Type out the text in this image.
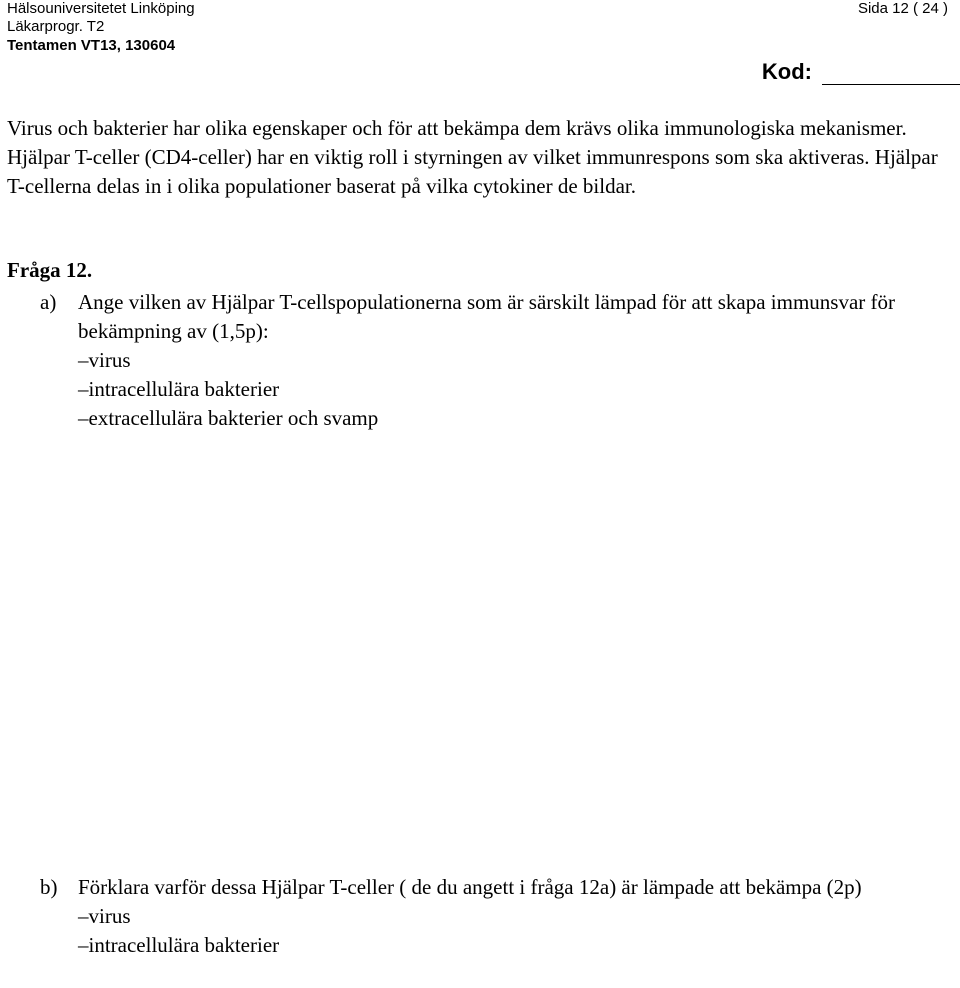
Hälsouniversitetet Linköping
Läkarprogr. T2
Tentamen VT13, 130604
Sida 12 ( 24 )
Kod:
Virus och bakterier har olika egenskaper och för att bekämpa dem krävs olika immunologiska mekanismer. Hjälpar T-celler (CD4-celler) har en viktig roll i styrningen av vilket immunrespons som ska aktiveras. Hjälpar T-cellerna delas in i olika populationer baserat på vilka cytokiner de bildar.
Fråga 12.
a) Ange vilken av Hjälpar T-cellspopulationerna som är särskilt lämpad för att skapa immunsvar för bekämpning av (1,5p):
–virus
–intracellulära bakterier
–extracellulära bakterier och svamp
b) Förklara varför dessa Hjälpar T-celler ( de du angett i fråga 12a) är lämpade att bekämpa (2p)
–virus
–intracellulära bakterier
